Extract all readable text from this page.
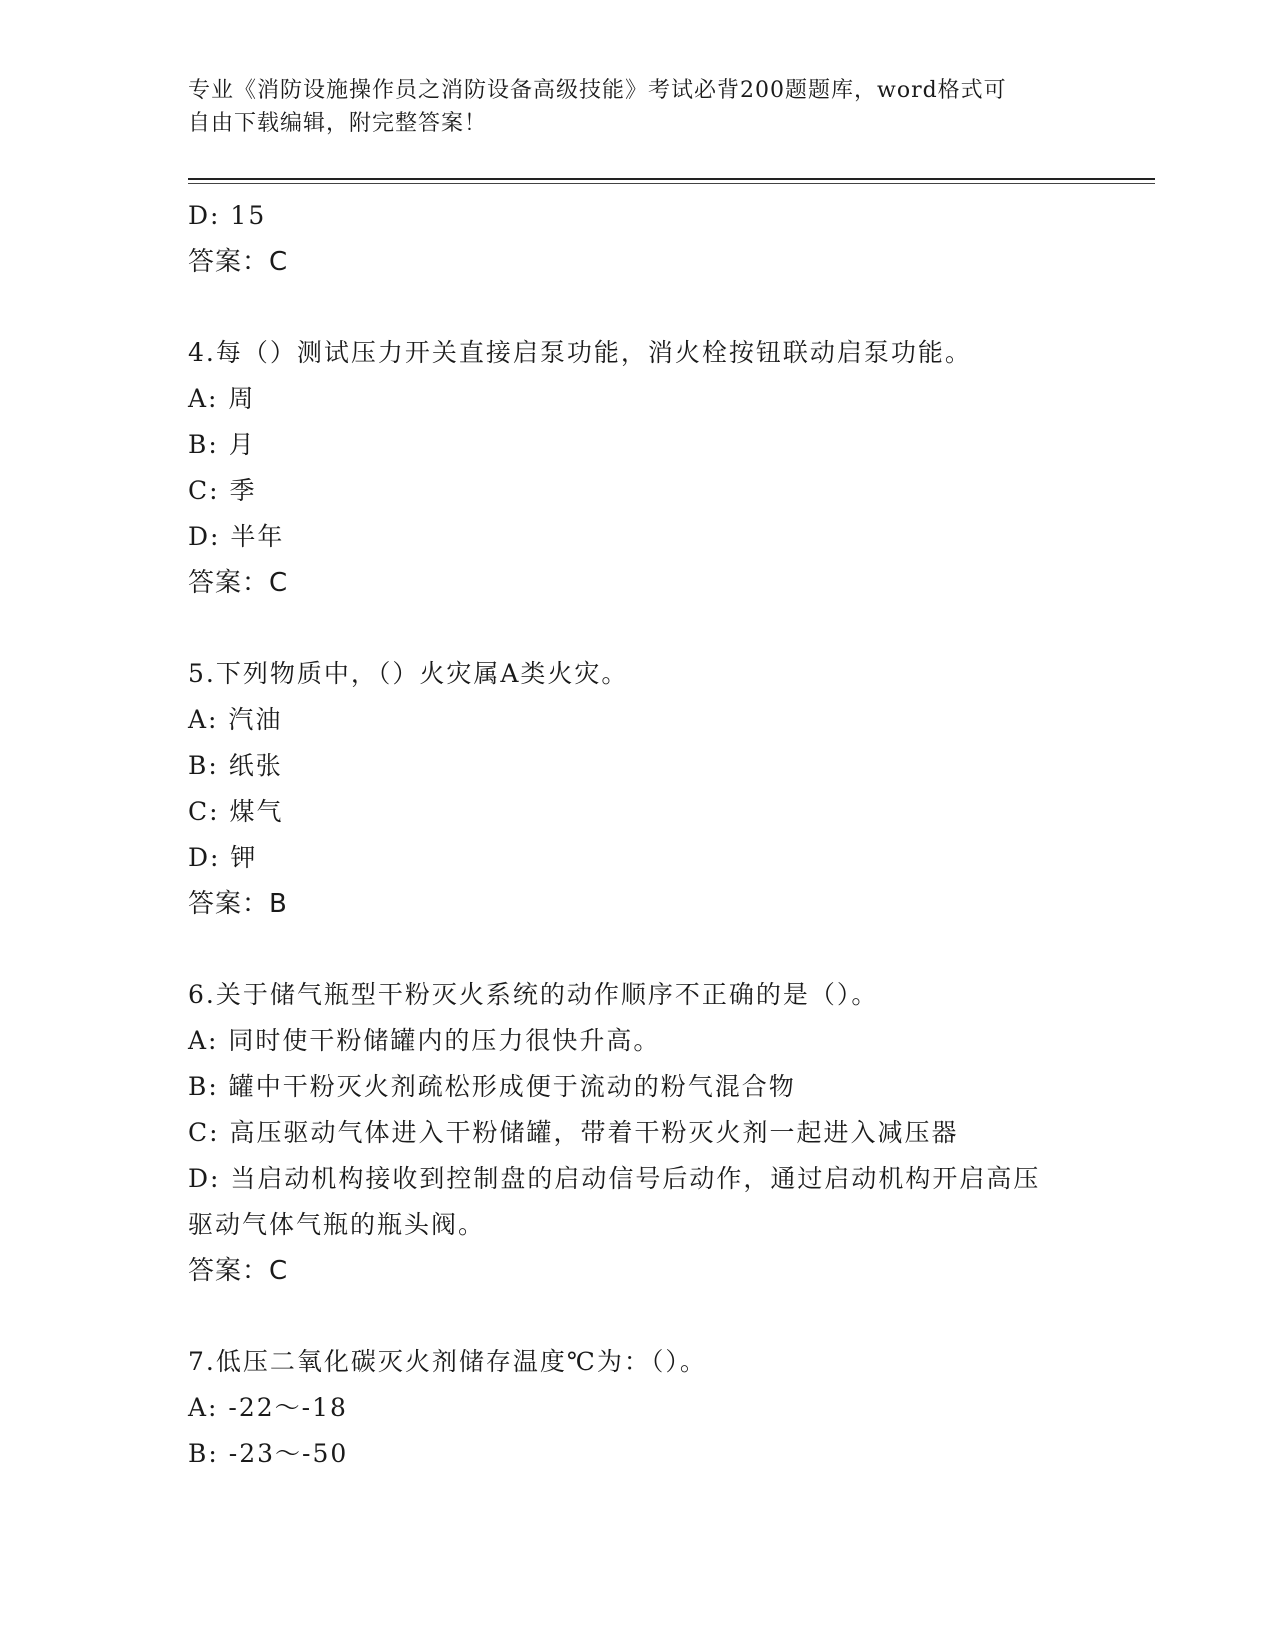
专业《消防设施操作员之消防设备高级技能》考试必背200题题库，word格式可
自由下载编辑，附完整答案！
D: 15
答案：C
4.每（）测试压力开关直接启泵功能，消火栓按钮联动启泵功能。
A: 周
B: 月
C: 季
D: 半年
答案：C
5.下列物质中，（）火灾属A类火灾。
A: 汽油
B: 纸张
C: 煤气
D: 钾
答案：B
6.关于储气瓶型干粉灭火系统的动作顺序不正确的是（）。
A: 同时使干粉储罐内的压力很快升高。
B: 罐中干粉灭火剂疏松形成便于流动的粉气混合物
C: 高压驱动气体进入干粉储罐，带着干粉灭火剂一起进入减压器
D: 当启动机构接收到控制盘的启动信号后动作，通过启动机构开启高压驱动气体气瓶的瓶头阀。
答案：C
7.低压二氧化碳灭火剂储存温度℃为：（）。
A: -22～-18
B: -23～-50
